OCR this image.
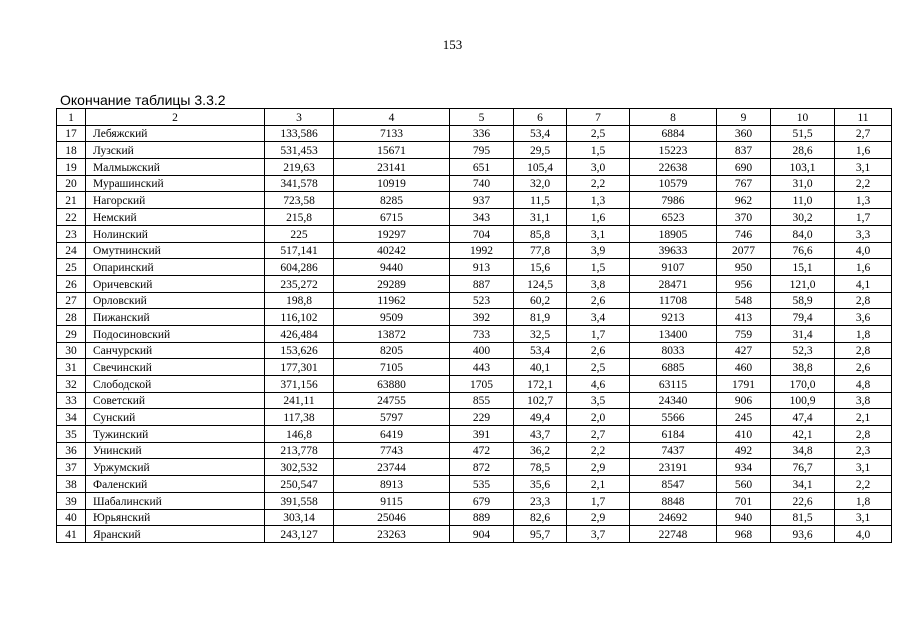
153
Окончание таблицы 3.3.2
1	2	3	4	5	6	7	8	9	10	11
17	Лебяжский	133,586	7133	336	53,4	2,5	6884	360	51,5	2,7
18	Лузский	531,453	15671	795	29,5	1,5	15223	837	28,6	1,6
19	Малмыжский	219,63	23141	651	105,4	3,0	22638	690	103,1	3,1
20	Мурашинский	341,578	10919	740	32,0	2,2	10579	767	31,0	2,2
21	Нагорский	723,58	8285	937	11,5	1,3	7986	962	11,0	1,3
22	Немский	215,8	6715	343	31,1	1,6	6523	370	30,2	1,7
23	Нолинский	225	19297	704	85,8	3,1	18905	746	84,0	3,3
24	Омутнинский	517,141	40242	1992	77,8	3,9	39633	2077	76,6	4,0
25	Опаринский	604,286	9440	913	15,6	1,5	9107	950	15,1	1,6
26	Оричевский	235,272	29289	887	124,5	3,8	28471	956	121,0	4,1
27	Орловский	198,8	11962	523	60,2	2,6	11708	548	58,9	2,8
28	Пижанский	116,102	9509	392	81,9	3,4	9213	413	79,4	3,6
29	Подосиновский	426,484	13872	733	32,5	1,7	13400	759	31,4	1,8
30	Санчурский	153,626	8205	400	53,4	2,6	8033	427	52,3	2,8
31	Свечинский	177,301	7105	443	40,1	2,5	6885	460	38,8	2,6
32	Слободской	371,156	63880	1705	172,1	4,6	63115	1791	170,0	4,8
33	Советский	241,11	24755	855	102,7	3,5	24340	906	100,9	3,8
34	Сунский	117,38	5797	229	49,4	2,0	5566	245	47,4	2,1
35	Тужинский	146,8	6419	391	43,7	2,7	6184	410	42,1	2,8
36	Унинский	213,778	7743	472	36,2	2,2	7437	492	34,8	2,3
37	Уржумский	302,532	23744	872	78,5	2,9	23191	934	76,7	3,1
38	Фаленский	250,547	8913	535	35,6	2,1	8547	560	34,1	2,2
39	Шабалинский	391,558	9115	679	23,3	1,7	8848	701	22,6	1,8
40	Юрьянский	303,14	25046	889	82,6	2,9	24692	940	81,5	3,1
41	Яранский	243,127	23263	904	95,7	3,7	22748	968	93,6	4,0
